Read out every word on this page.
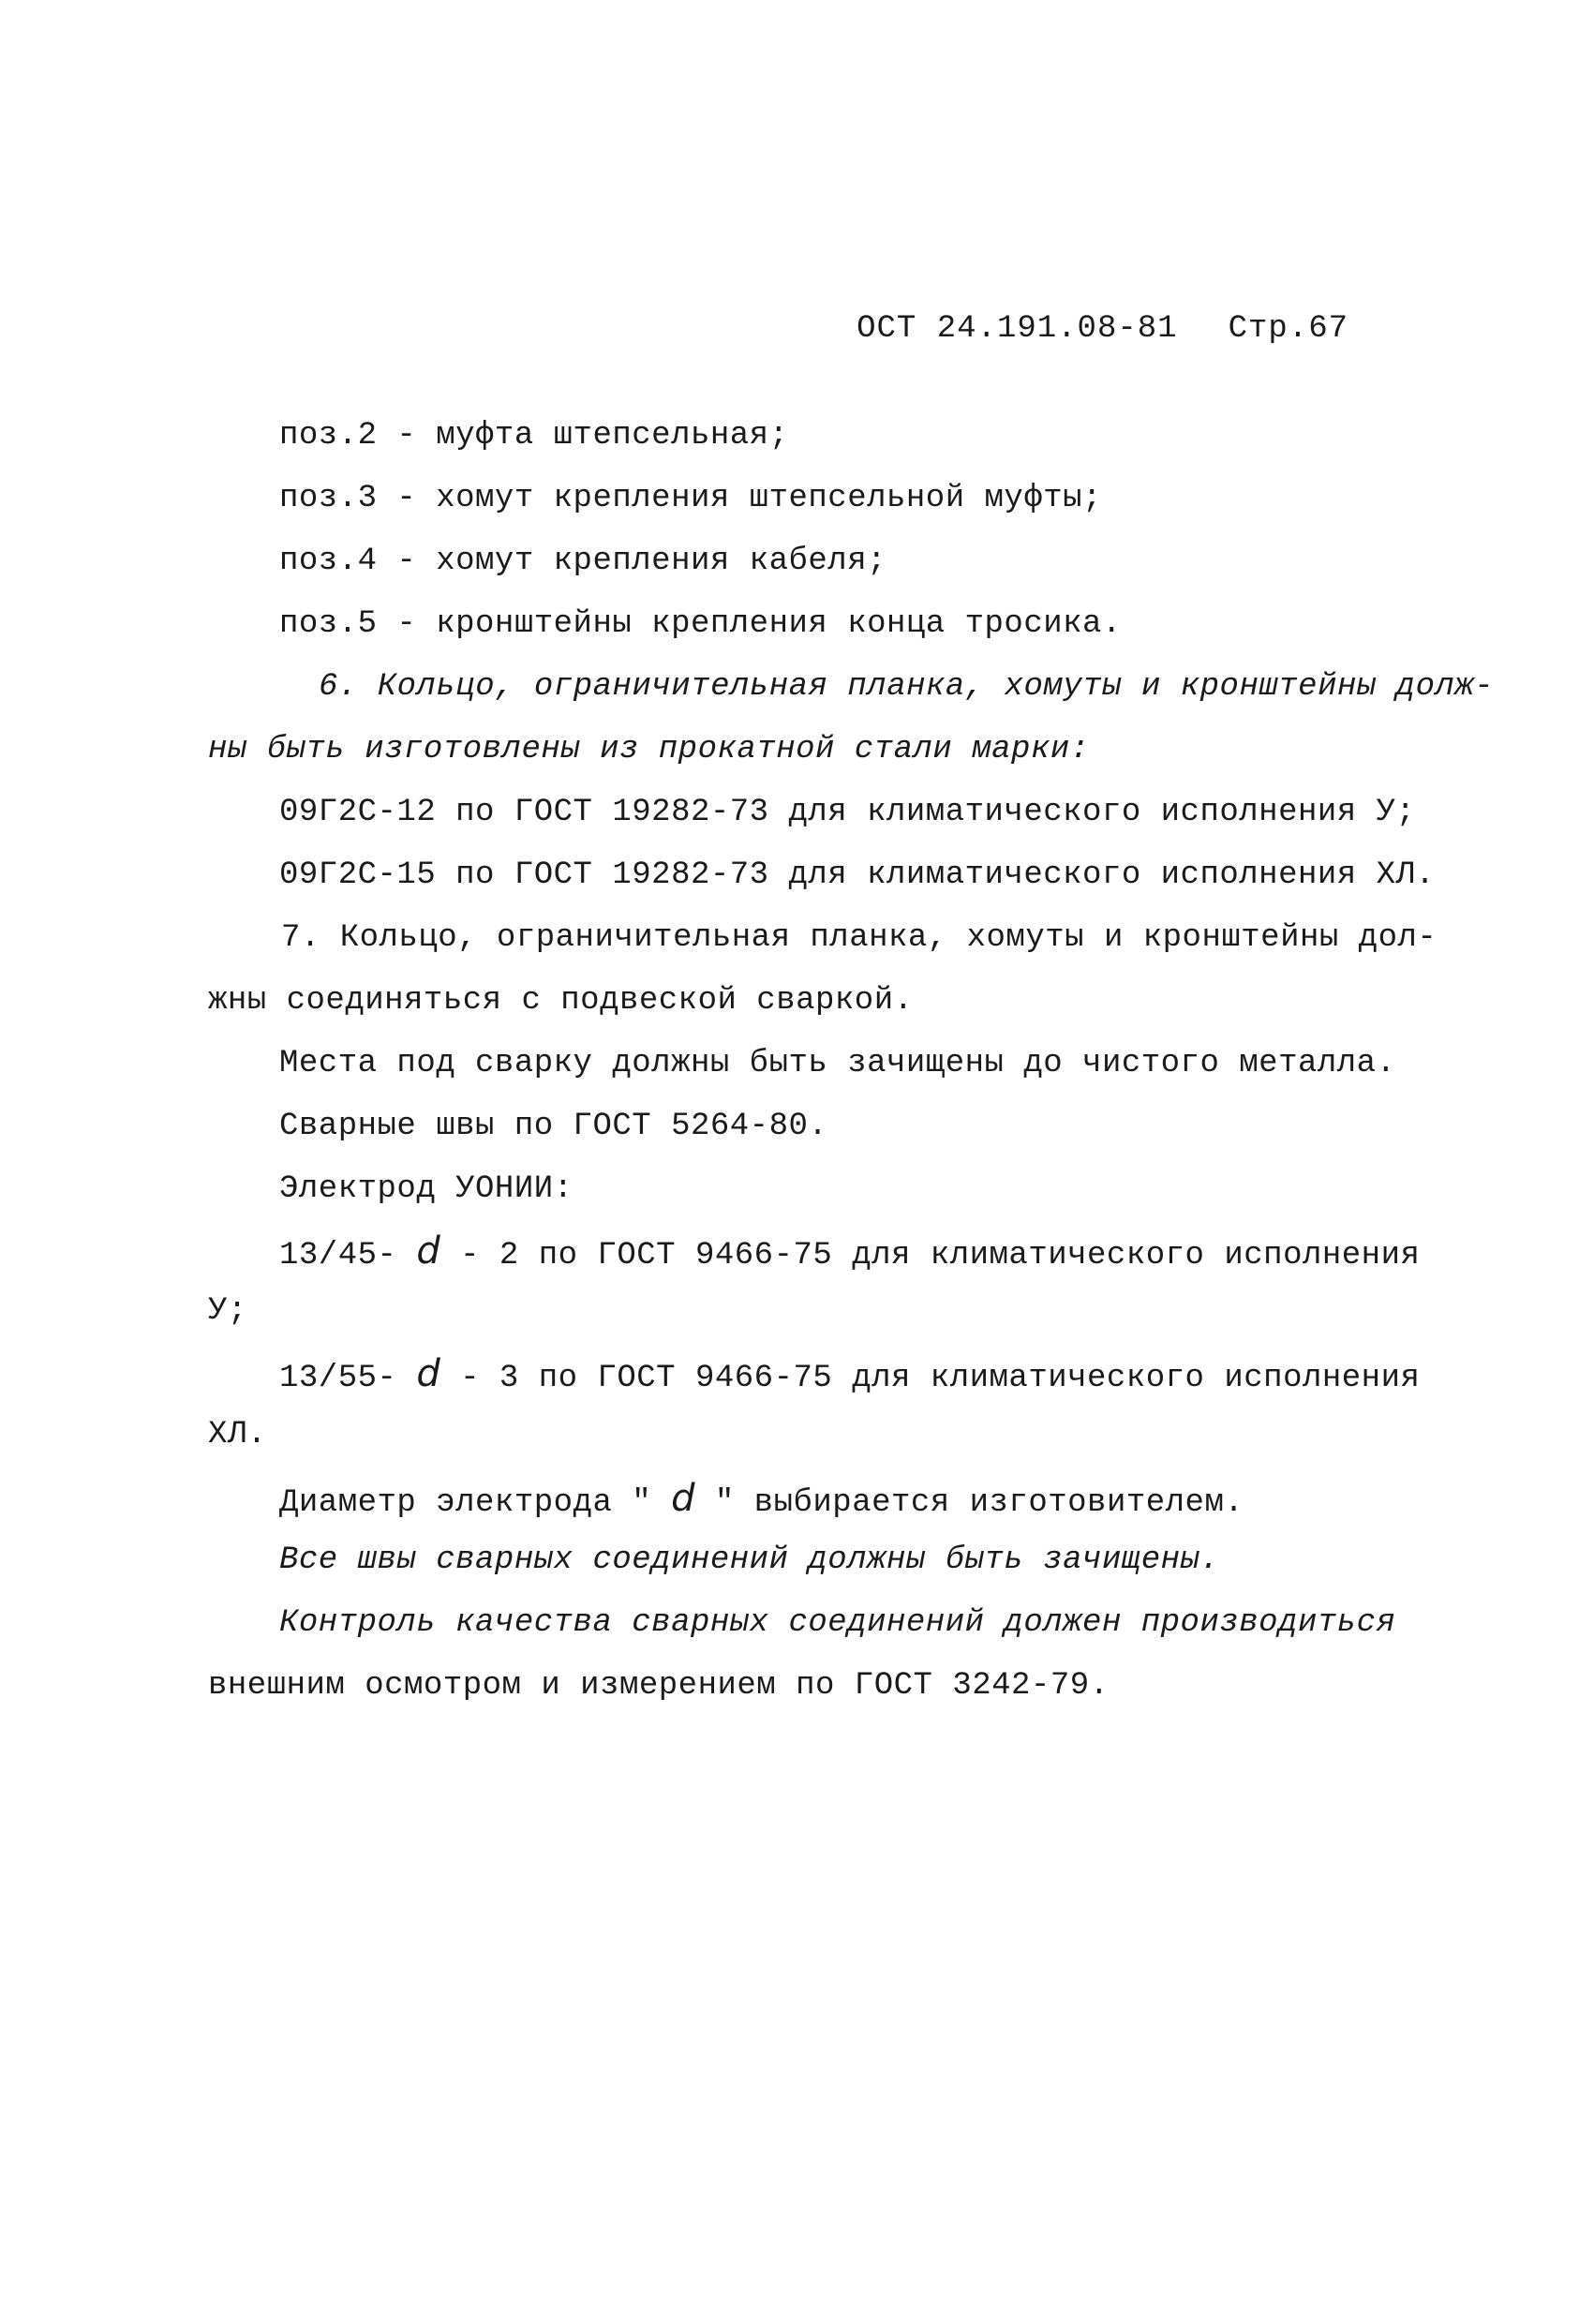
ОСТ 24.191.08-81 Стр.67
поз.2 - муфта штепсельная;
поз.3 - хомут крепления штепсельной муфты;
поз.4 - хомут крепления кабеля;
поз.5 - кронштейны крепления конца тросика.
6. Кольцо, ограничительная планка, хомуты и кронштейны долж-
ны быть изготовлены из прокатной стали марки:
09Г2С-12 по ГОСТ 19282-73 для климатического исполнения У;
09Г2С-15 по ГОСТ 19282-73 для климатического исполнения ХЛ.
7. Кольцо, ограничительная планка, хомуты и кронштейны дол-
жны соединяться с подвеской сваркой.
Места под сварку должны быть зачищены до чистого металла.
Сварные швы по ГОСТ 5264-80.
Электрод УОНИИ:
13/45- d - 2 по ГОСТ 9466-75 для климатического исполнения
У;
13/55- d - 3 по ГОСТ 9466-75 для климатического исполнения
ХЛ.
Диаметр электрода " d " выбирается изготовителем.
Все швы сварных соединений должны быть зачищены.
Контроль качества сварных соединений должен производиться
внешним осмотром и измерением по ГОСТ 3242-79.
